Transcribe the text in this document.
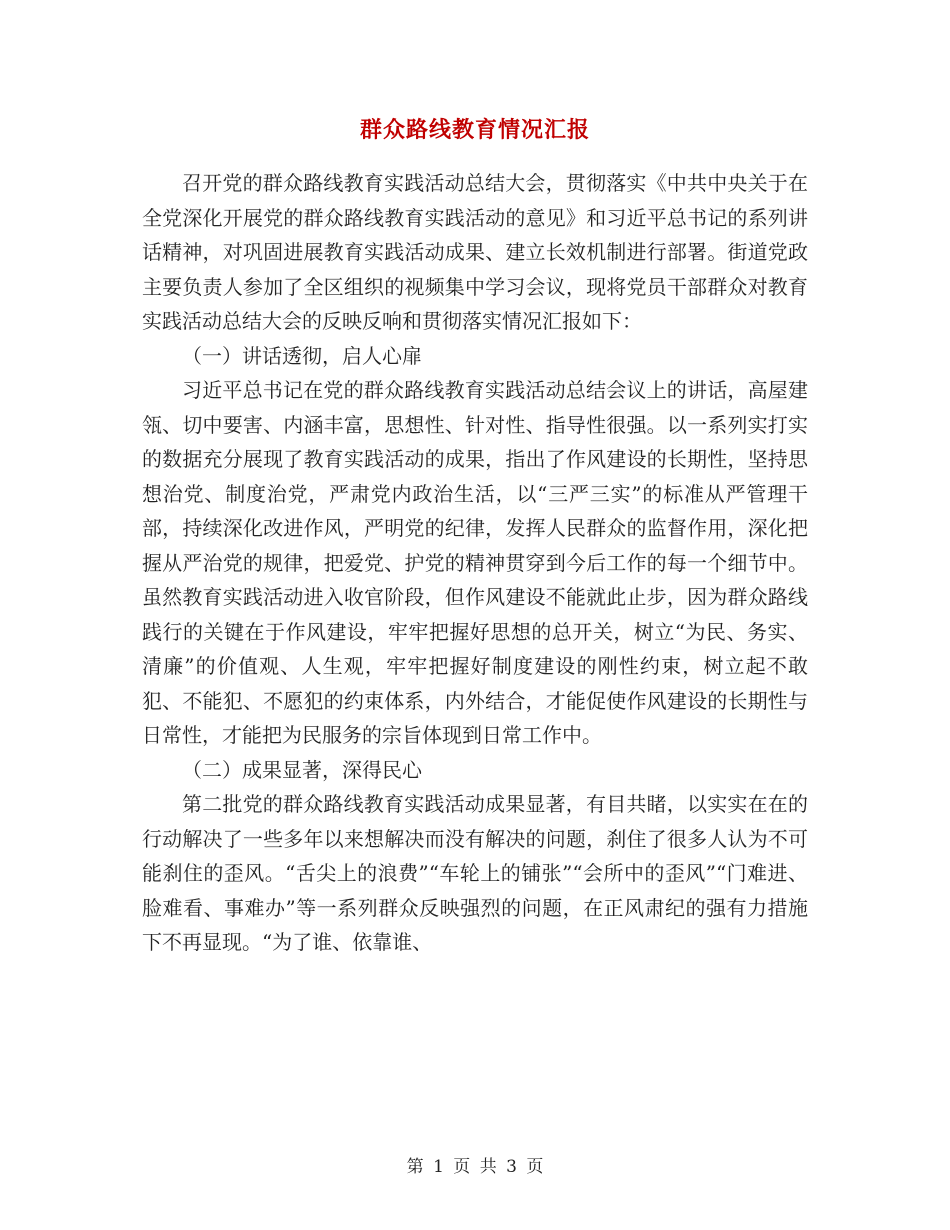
群众路线教育情况汇报

召开党的群众路线教育实践活动总结大会，贯彻落实《中共中央关于在全党深化开展党的群众路线教育实践活动的意见》和习近平总书记的系列讲话精神，对巩固进展教育实践活动成果、建立长效机制进行部署。街道党政主要负责人参加了全区组织的视频集中学习会议，现将党员干部群众对教育实践活动总结大会的反映反响和贯彻落实情况汇报如下：

（一）讲话透彻，启人心扉

习近平总书记在党的群众路线教育实践活动总结会议上的讲话，高屋建瓴、切中要害、内涵丰富，思想性、针对性、指导性很强。以一系列实打实的数据充分展现了教育实践活动的成果，指出了作风建设的长期性，坚持思想治党、制度治党，严肃党内政治生活，以“三严三实”的标准从严管理干部，持续深化改进作风，严明党的纪律，发挥人民群众的监督作用，深化把握从严治党的规律，把爱党、护党的精神贯穿到今后工作的每一个细节中。虽然教育实践活动进入收官阶段，但作风建设不能就此止步，因为群众路线践行的关键在于作风建设，牢牢把握好思想的总开关，树立“为民、务实、清廉”的价值观、人生观，牢牢把握好制度建设的刚性约束，树立起不敢犯、不能犯、不愿犯的约束体系，内外结合，才能促使作风建设的长期性与日常性，才能把为民服务的宗旨体现到日常工作中。

（二）成果显著，深得民心

第二批党的群众路线教育实践活动成果显著，有目共睹，以实实在在的行动解决了一些多年以来想解决而没有解决的问题，刹住了很多人认为不可能刹住的歪风。“舌尖上的浪费”“车轮上的铺张”“会所中的歪风”“门难进、脸难看、事难办”等一系列群众反映强烈的问题，在正风肃纪的强有力措施下不再显现。“为了谁、依靠谁、

第 1 页 共 3 页
